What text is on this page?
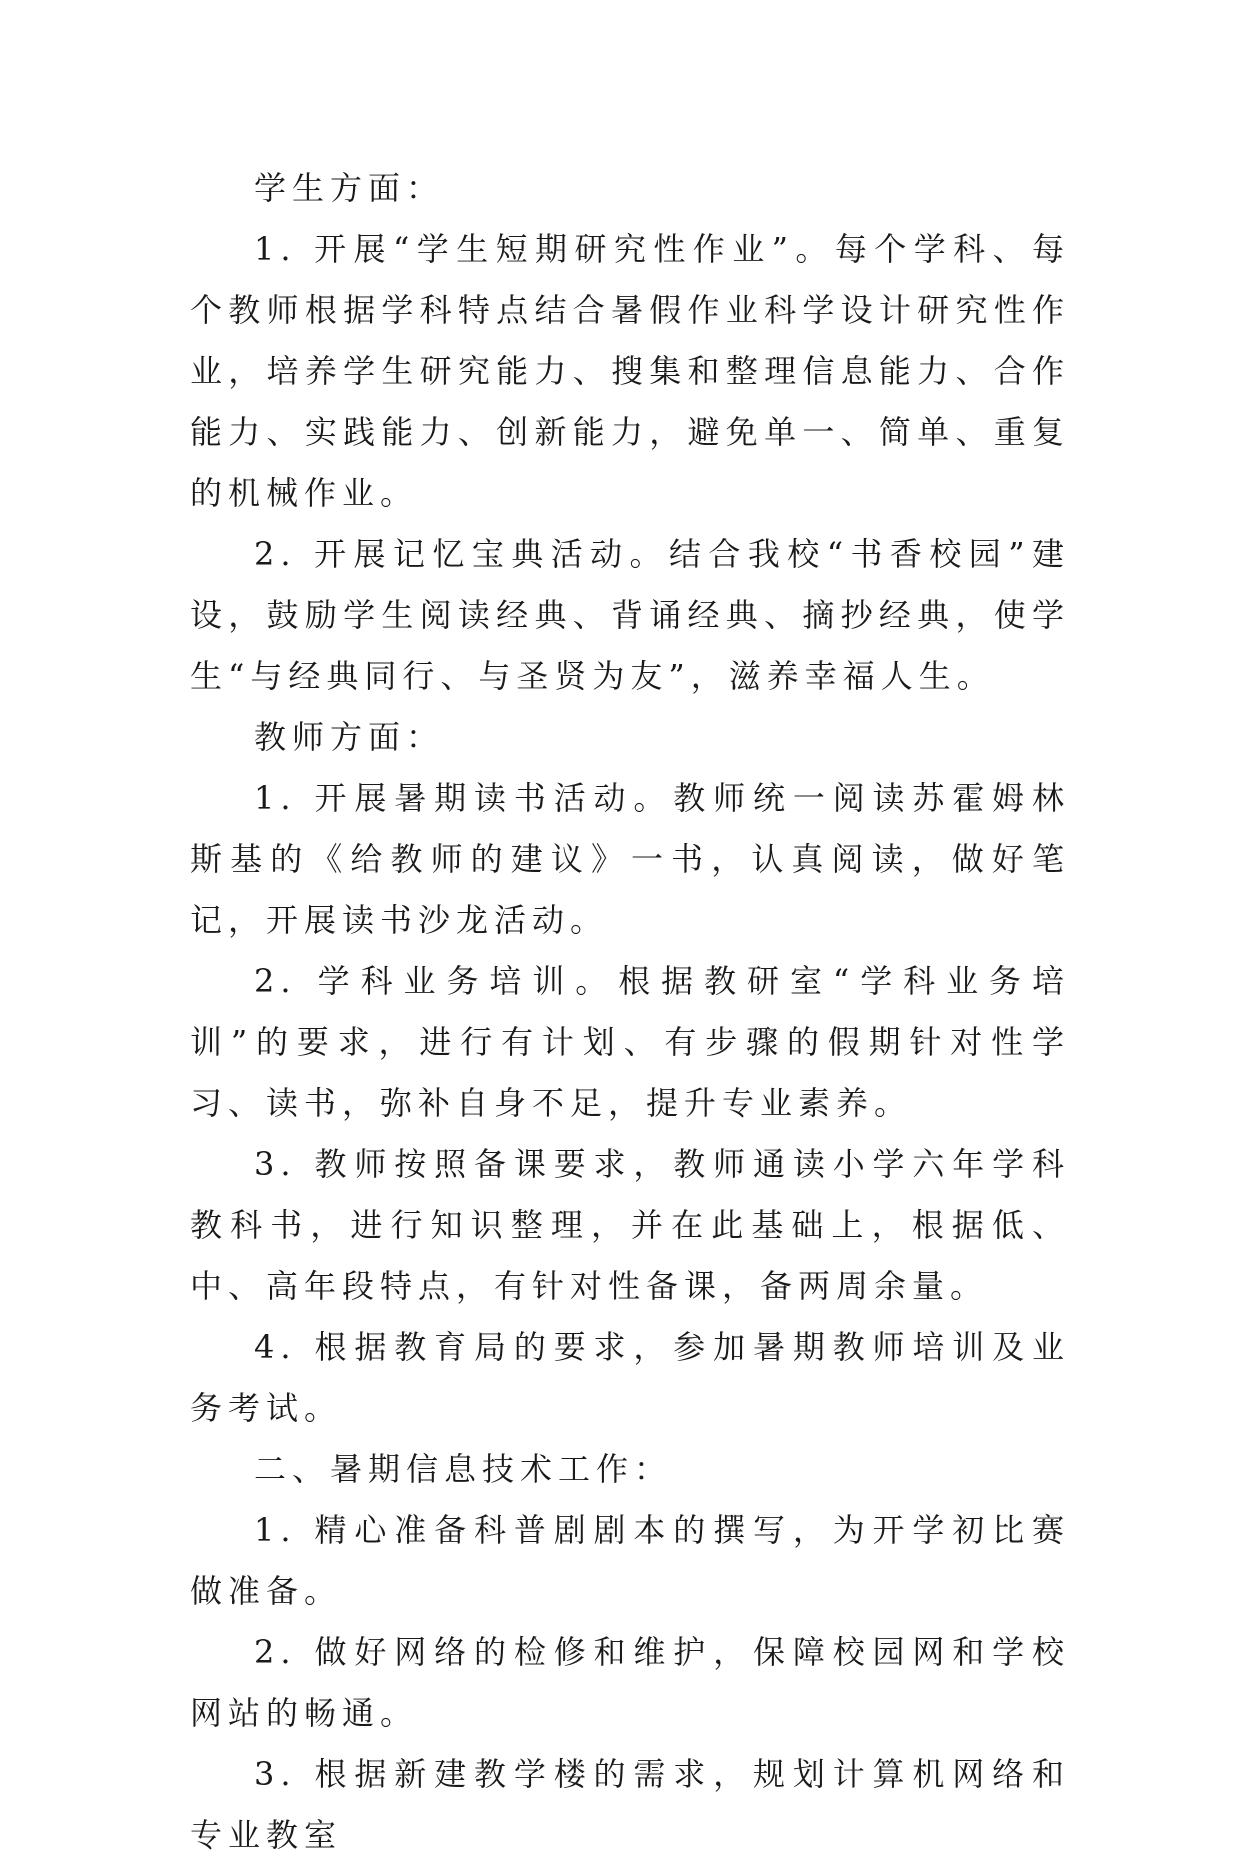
学生方面：

1. 开展“学生短期研究性作业”。每个学科、每个教师根据学科特点结合暑假作业科学设计研究性作业，培养学生研究能力、搜集和整理信息能力、合作能力、实践能力、创新能力，避免单一、简单、重复的机械作业。

2. 开展记忆宝典活动。结合我校“书香校园”建设，鼓励学生阅读经典、背诵经典、摘抄经典，使学生“与经典同行、与圣贤为友”，滋养幸福人生。

教师方面：

1. 开展暑期读书活动。教师统一阅读苏霍姆林斯基的《给教师的建议》一书，认真阅读，做好笔记，开展读书沙龙活动。

2. 学科业务培训。根据教研室“学科业务培训”的要求，进行有计划、有步骤的假期针对性学习、读书，弥补自身不足，提升专业素养。

3. 教师按照备课要求，教师通读小学六年学科教科书，进行知识整理，并在此基础上，根据低、中、高年段特点，有针对性备课，备两周余量。

4. 根据教育局的要求，参加暑期教师培训及业务考试。

二、暑期信息技术工作：

1. 精心准备科普剧剧本的撰写，为开学初比赛做准备。

2. 做好网络的检修和维护，保障校园网和学校网站的畅通。

3. 根据新建教学楼的需求，规划计算机网络和专业教室
